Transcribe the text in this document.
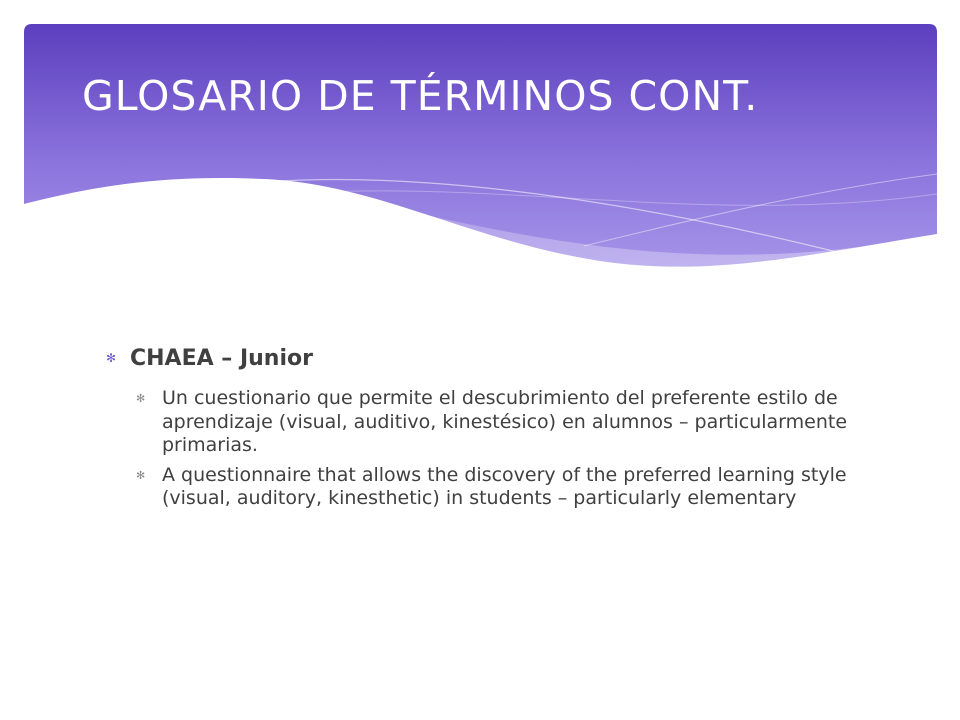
GLOSARIO DE TÉRMINOS CONT.
✻ CHAEA – Junior
✻ Un cuestionario que permite el descubrimiento del preferente estilo de aprendizaje (visual, auditivo, kinestésico) en alumnos – particularmente primarias.
✻ A questionnaire that allows the discovery of the preferred learning style (visual, auditory, kinesthetic) in students – particularly elementary
